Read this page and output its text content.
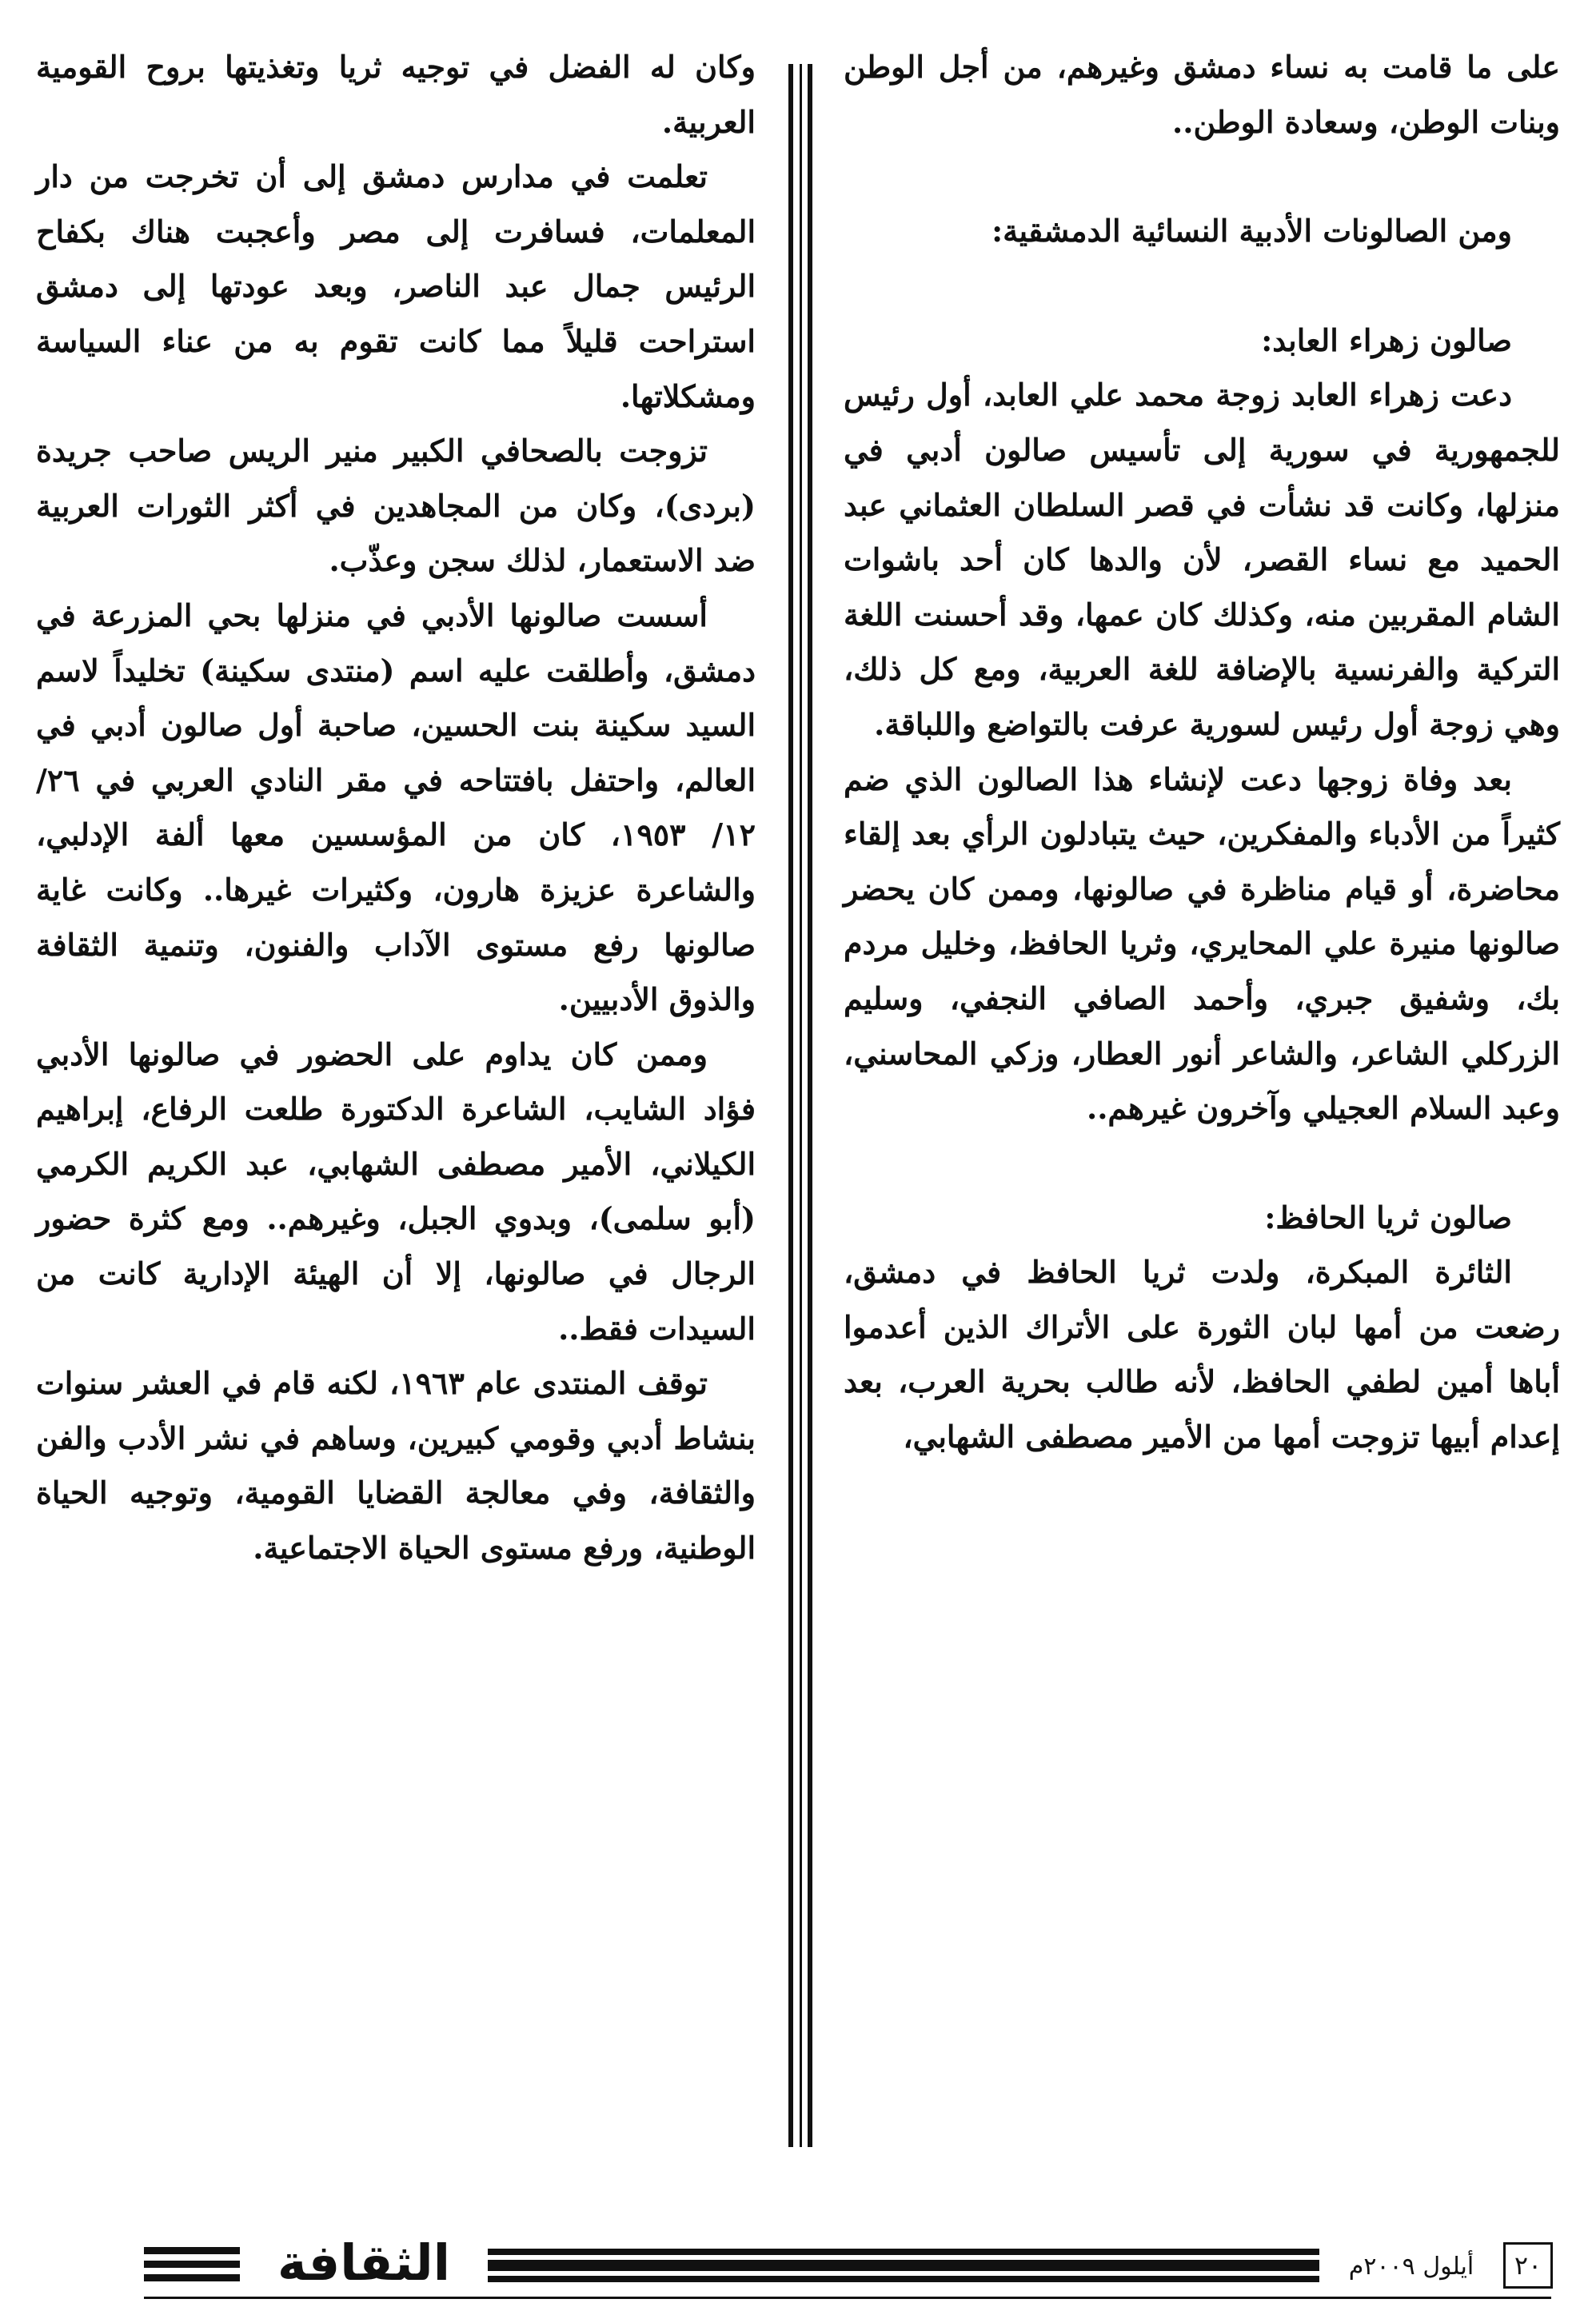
على ما قامت به نساء دمشق وغيرهم، من أجل الوطن وبنات الوطن، وسعادة الوطن..

ومن الصالونات الأدبية النسائية الدمشقية:

صالون زهراء العابد:

دعت زهراء العابد زوجة محمد علي العابد، أول رئيس للجمهورية في سورية إلى تأسيس صالون أدبي في منزلها، وكانت قد نشأت في قصر السلطان العثماني عبد الحميد مع نساء القصر، لأن والدها كان أحد باشوات الشام المقربين منه، وكذلك كان عمها، وقد أحسنت اللغة التركية والفرنسية بالإضافة للغة العربية، ومع كل ذلك، وهي زوجة أول رئيس لسورية عرفت بالتواضع واللباقة.

بعد وفاة زوجها دعت لإنشاء هذا الصالون الذي ضم كثيراً من الأدباء والمفكرين، حيث يتبادلون الرأي بعد إلقاء محاضرة، أو قيام مناظرة في صالونها، وممن كان يحضر صالونها منيرة علي المحايري، وثريا الحافظ، وخليل مردم بك، وشفيق جبري، وأحمد الصافي النجفي، وسليم الزركلي الشاعر، والشاعر أنور العطار، وزكي المحاسني، وعبد السلام العجيلي وآخرون غيرهم..

صالون ثريا الحافظ:

الثائرة المبكرة، ولدت ثريا الحافظ في دمشق، رضعت من أمها لبان الثورة على الأتراك الذين أعدموا أباها أمين لطفي الحافظ، لأنه طالب بحرية العرب، بعد إعدام أبيها تزوجت أمها من الأمير مصطفى الشهابي،

وكان له الفضل في توجيه ثريا وتغذيتها بروح القومية العربية.

تعلمت في مدارس دمشق إلى أن تخرجت من دار المعلمات، فسافرت إلى مصر وأعجبت هناك بكفاح الرئيس جمال عبد الناصر، وبعد عودتها إلى دمشق استراحت قليلاً مما كانت تقوم به من عناء السياسة ومشكلاتها.

تزوجت بالصحافي الكبير منير الريس صاحب جريدة (بردى)، وكان من المجاهدين في أكثر الثورات العربية ضد الاستعمار، لذلك سجن وعذّب.

أسست صالونها الأدبي في منزلها بحي المزرعة في دمشق، وأطلقت عليه اسم (منتدى سكينة) تخليداً لاسم السيد سكينة بنت الحسين، صاحبة أول صالون أدبي في العالم، واحتفل بافتتاحه في مقر النادي العربي في ٢٦/ ١٢/ ١٩٥٣، كان من المؤسسين معها ألفة الإدلبي، والشاعرة عزيزة هارون، وكثيرات غيرها.. وكانت غاية صالونها رفع مستوى الآداب والفنون، وتنمية الثقافة والذوق الأدبيين.

وممن كان يداوم على الحضور في صالونها الأدبي فؤاد الشايب، الشاعرة الدكتورة طلعت الرفاع، إبراهيم الكيلاني، الأمير مصطفى الشهابي، عبد الكريم الكرمي (أبو سلمى)، وبدوي الجبل، وغيرهم.. ومع كثرة حضور الرجال في صالونها، إلا أن الهيئة الإدارية كانت من السيدات فقط..

توقف المنتدى عام ١٩٦٣، لكنه قام في العشر سنوات بنشاط أدبي وقومي كبيرين، وساهم في نشر الأدب والفن والثقافة، وفي معالجة القضايا القومية، وتوجيه الحياة الوطنية، ورفع مستوى الحياة الاجتماعية.

الثقافة	أيلول ٢٠٠٩م	٢٠
